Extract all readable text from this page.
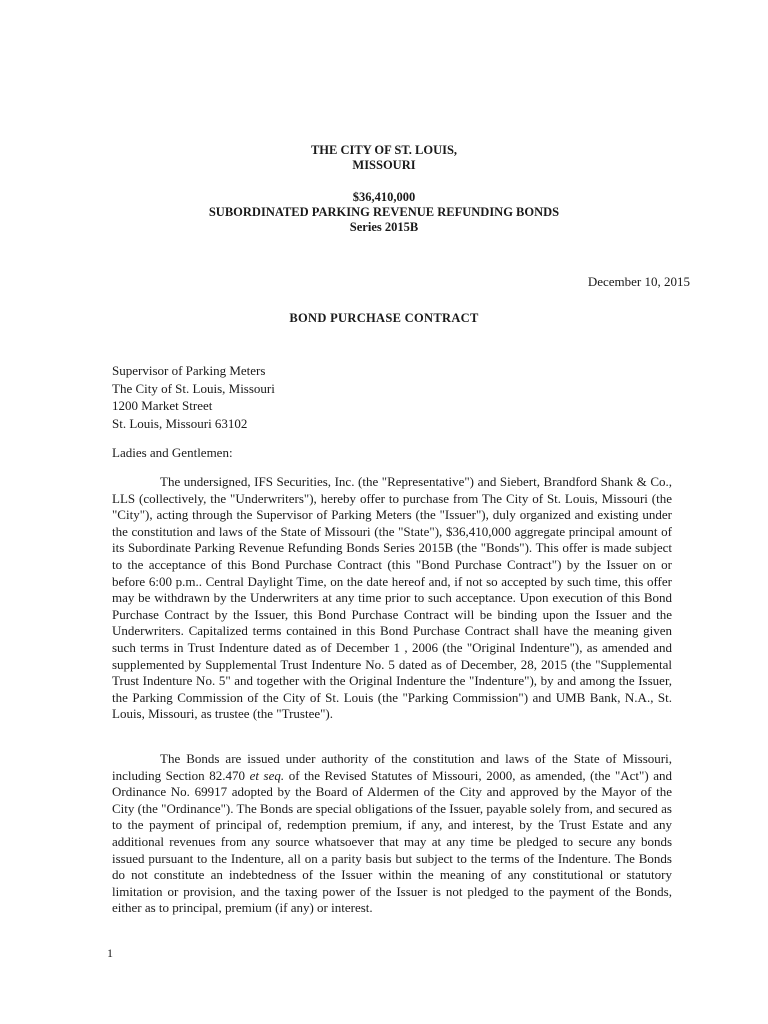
THE CITY OF ST. LOUIS,
MISSOURI
$36,410,000
SUBORDINATED PARKING REVENUE REFUNDING BONDS
Series 2015B
December 10, 2015
BOND PURCHASE CONTRACT
Supervisor of Parking Meters
The City of St. Louis, Missouri
1200 Market Street
St. Louis, Missouri 63102
Ladies and Gentlemen:

The undersigned, IFS Securities, Inc. (the "Representative") and Siebert, Brandford Shank & Co., LLS (collectively, the "Underwriters"), hereby offer to purchase from The City of St. Louis, Missouri (the "City"), acting through the Supervisor of Parking Meters (the "Issuer"), duly organized and existing under the constitution and laws of the State of Missouri (the "State"), $36,410,000 aggregate principal amount of its Subordinate Parking Revenue Refunding Bonds Series 2015B (the "Bonds"). This offer is made subject to the acceptance of this Bond Purchase Contract (this "Bond Purchase Contract") by the Issuer on or before 6:00 p.m.. Central Daylight Time, on the date hereof and, if not so accepted by such time, this offer may be withdrawn by the Underwriters at any time prior to such acceptance. Upon execution of this Bond Purchase Contract by the Issuer, this Bond Purchase Contract will be binding upon the Issuer and the Underwriters. Capitalized terms contained in this Bond Purchase Contract shall have the meaning given such terms in Trust Indenture dated as of December 1 , 2006 (the "Original Indenture"), as amended and supplemented by Supplemental Trust Indenture No. 5 dated as of December, 28, 2015 (the "Supplemental Trust Indenture No. 5" and together with the Original Indenture the "Indenture"), by and among the Issuer, the Parking Commission of the City of St. Louis (the "Parking Commission") and UMB Bank, N.A., St. Louis, Missouri, as trustee (the "Trustee").

The Bonds are issued under authority of the constitution and laws of the State of Missouri, including Section 82.470 et seq. of the Revised Statutes of Missouri, 2000, as amended, (the "Act") and Ordinance No. 69917 adopted by the Board of Aldermen of the City and approved by the Mayor of the City (the "Ordinance"). The Bonds are special obligations of the Issuer, payable solely from, and secured as to the payment of principal of, redemption premium, if any, and interest, by the Trust Estate and any additional revenues from any source whatsoever that may at any time be pledged to secure any bonds issued pursuant to the Indenture, all on a parity basis but subject to the terms of the Indenture. The Bonds do not constitute an indebtedness of the Issuer within the meaning of any constitutional or statutory limitation or provision, and the taxing power of the Issuer is not pledged to the payment of the Bonds, either as to principal, premium (if any) or interest.

1
